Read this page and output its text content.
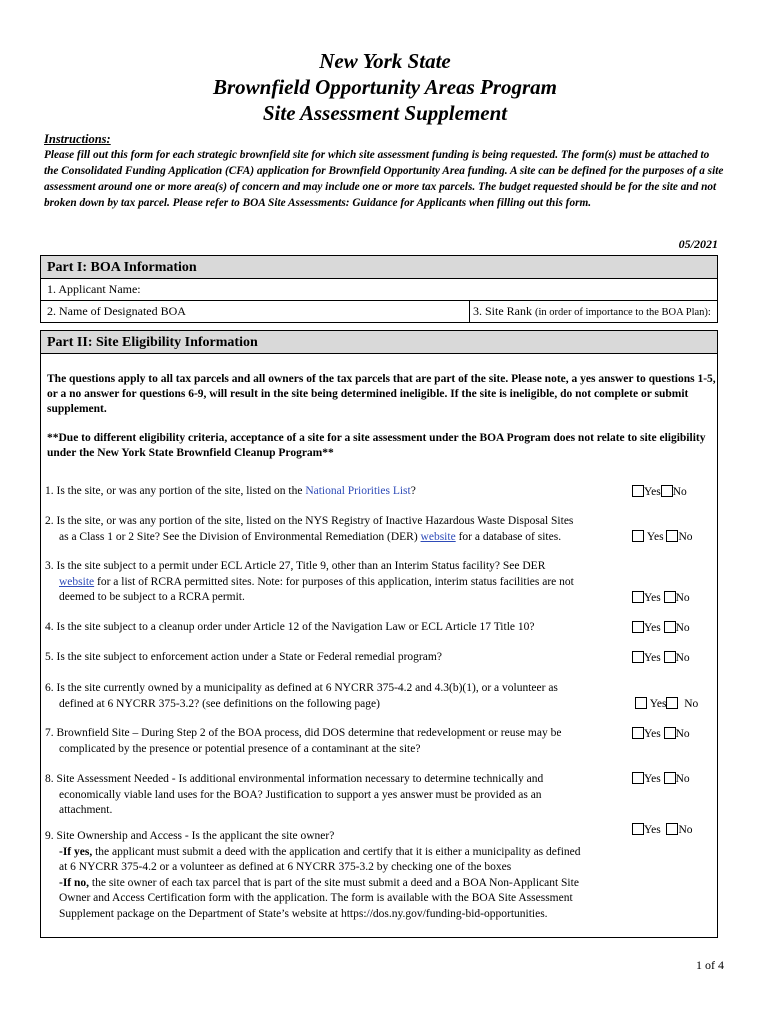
New York State
Brownfield Opportunity Areas Program
Site Assessment Supplement
Instructions:
Please fill out this form for each strategic brownfield site for which site assessment funding is being requested. The form(s) must be attached to the Consolidated Funding Application (CFA) application for Brownfield Opportunity Area funding. A site can be defined for the purposes of a site assessment around one or more area(s) of concern and may include one or more tax parcels. The budget requested should be for the site and not broken down by tax parcel. Please refer to BOA Site Assessments: Guidance for Applicants when filling out this form.
05/2021
Part I: BOA Information
1. Applicant Name:
2. Name of Designated BOA	3. Site Rank (in order of importance to the BOA Plan):
Part II: Site Eligibility Information
The questions apply to all tax parcels and all owners of the tax parcels that are part of the site. Please note, a yes answer to questions 1-5, or a no answer for questions 6-9, will result in the site being determined ineligible. If the site is ineligible, do not complete or submit supplement.
**Due to different eligibility criteria, acceptance of a site for a site assessment under the BOA Program does not relate to site eligibility under the New York State Brownfield Cleanup Program**
1. Is the site, or was any portion of the site, listed on the National Priorities List?	Yes No
2. Is the site, or was any portion of the site, listed on the NYS Registry of Inactive Hazardous Waste Disposal Sites
as a Class 1 or 2 Site? See the Division of Environmental Remediation (DER) website for a database of sites.	Yes No
3. Is the site subject to a permit under ECL Article 27, Title 9, other than an Interim Status facility? See DER
website for a list of RCRA permitted sites. Note: for purposes of this application, interim status facilities are not
deemed to be subject to a RCRA permit.	Yes No
4. Is the site subject to a cleanup order under Article 12 of the Navigation Law or ECL Article 17 Title 10?	Yes No
5. Is the site subject to enforcement action under a State or Federal remedial program?	Yes No
6. Is the site currently owned by a municipality as defined at 6 NYCRR 375-4.2 and 4.3(b)(1), or a volunteer as
defined at 6 NYCRR 375-3.2? (see definitions on the following page)	Yes No
7. Brownfield Site – During Step 2 of the BOA process, did DOS determine that redevelopment or reuse may be
complicated by the presence or potential presence of a contaminant at the site?
Yes No
8. Site Assessment Needed - Is additional environmental information necessary to determine technically and
economically viable land uses for the BOA? Justification to support a yes answer must be provided as an
attachment.
Yes No
9. Site Ownership and Access - Is the applicant the site owner?
-If yes, the applicant must submit a deed with the application and certify that it is either a municipality as defined
at 6 NYCRR 375-4.2 or a volunteer as defined at 6 NYCRR 375-3.2 by checking one of the boxes
-If no, the site owner of each tax parcel that is part of the site must submit a deed and a BOA Non-Applicant Site
Owner and Access Certification form with the application. The form is available with the BOA Site Assessment
Supplement package on the Department of State’s website at https://dos.ny.gov/funding-bid-opportunities.
Yes No
1 of 4
